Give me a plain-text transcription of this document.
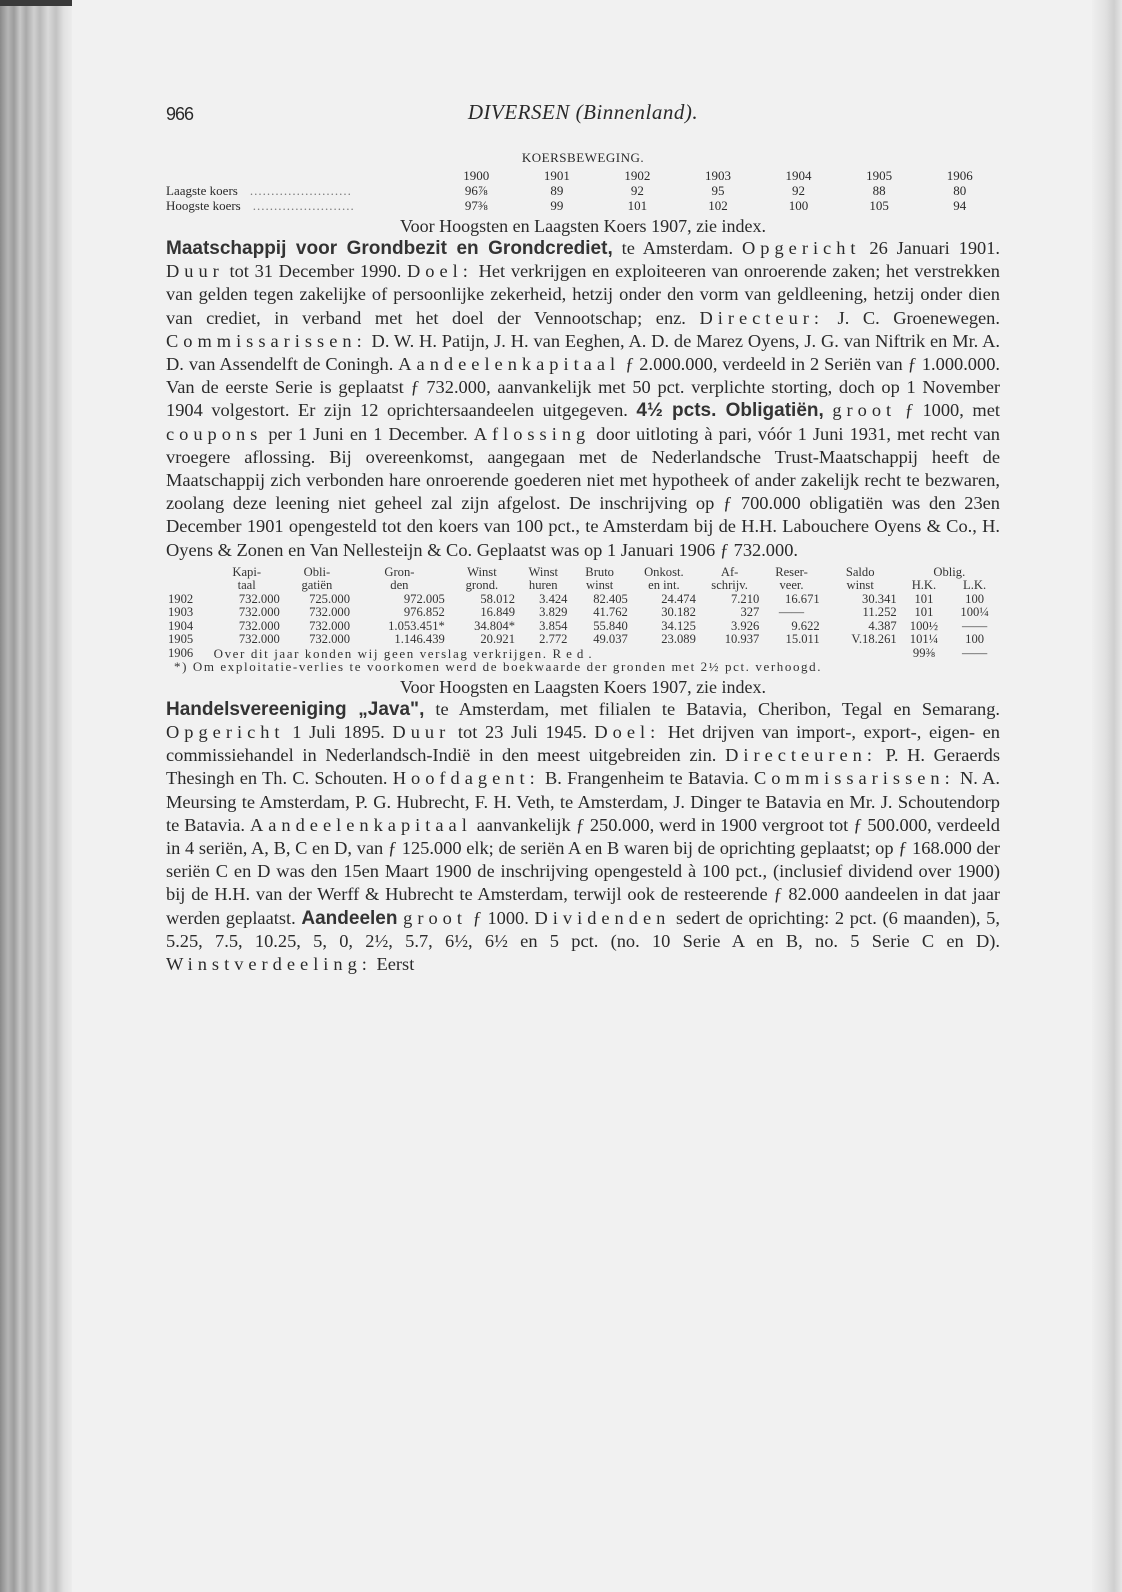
966	DIVERSEN (Binnenland).
KOERSBEWEGING.
	1900	1901	1902	1903	1904	1905	1906
Laagste koers ........................	96⅞	89	92	95	92	88	80
Hoogste koers ........................	97⅜	99	101	102	100	105	94
Voor Hoogsten en Laagsten Koers 1907, zie index.

Maatschappij voor Grondbezit en Grondcrediet, te Amsterdam. Opgericht 26 Januari 1901. Duur tot 31 December 1990. Doel: Het verkrijgen en exploiteeren van onroerende zaken; het verstrekken van gelden tegen zakelijke of persoonlijke zekerheid, hetzij onder den vorm van geldleening, hetzij onder dien van crediet, in verband met het doel der Vennootschap; enz. Directeur: J. C. Groenewegen. Commissarissen: D. W. H. Patijn, J. H. van Eeghen, A. D. de Marez Oyens, J. G. van Niftrik en Mr. A. D. van Assendelft de Coningh. Aandeelenkapitaal ƒ 2.000.000, verdeeld in 2 Seriën van ƒ 1.000.000. Van de eerste Serie is geplaatst ƒ 732.000, aanvankelijk met 50 pct. verplichte storting, doch op 1 November 1904 volgestort. Er zijn 12 oprichtersaandeelen uitgegeven. 4½ pcts. Obligatiën, groot ƒ 1000, met coupons per 1 Juni en 1 December. Aflossing door uitloting à pari, vóór 1 Juni 1931, met recht van vroegere aflossing. Bij overeenkomst, aangegaan met de Nederlandsche Trust-Maatschappij heeft de Maatschappij zich verbonden hare onroerende goederen niet met hypotheek of ander zakelijk recht te bezwaren, zoolang deze leening niet geheel zal zijn afgelost. De inschrijving op ƒ 700.000 obligatiën was den 23en December 1901 opengesteld tot den koers van 100 pct., te Amsterdam bij de H.H. Labouchere Oyens & Co., H. Oyens & Zonen en Van Nellesteijn & Co. Geplaatst was op 1 Januari 1906 ƒ 732.000.

	Kapi-	Obli-	Gron-	Winst	Winst	Bruto	Onkost.	Af-	Reser-	Saldo	Oblig.	
	taal	gatiën	den	grond.	huren	winst	en int.	schrijv.	veer.	winst	H.K.	L.K.
1902	732.000	725.000	972.005	58.012	3.424	82.405	24.474	7.210	16.671	30.341	101	100
1903	732.000	732.000	976.852	16.849	3.829	41.762	30.182	327	——	11.252	101	100¼
1904	732.000	732.000	1.053.451*	34.804*	3.854	55.840	34.125	3.926	9.622	4.387	100½	——
1905	732.000	732.000	1.146.439	20.921	2.772	49.037	23.089	10.937	15.011	V.18.261	101¼	100
1906	Over dit jaar konden wij geen verslag verkrijgen. Red.										99⅜	——
*) Om exploitatie-verlies te voorkomen werd de boekwaarde der gronden met 2½ pct. verhoogd.												
Voor Hoogsten en Laagsten Koers 1907, zie index.

Handelsvereeniging „Java", te Amsterdam, met filialen te Batavia, Cheribon, Tegal en Semarang. Opgericht 1 Juli 1895. Duur tot 23 Juli 1945. Doel: Het drijven van import-, export-, eigen- en commissiehandel in Nederlandsch-Indië in den meest uitgebreiden zin. Directeuren: P. H. Geraerds Thesingh en Th. C. Schouten. Hoofdagent: B. Frangenheim te Batavia. Commissarissen: N. A. Meursing te Amsterdam, P. G. Hubrecht, F. H. Veth, te Amsterdam, J. Dinger te Batavia en Mr. J. Schoutendorp te Batavia. Aandeelenkapitaal aanvankelijk ƒ 250.000, werd in 1900 vergroot tot ƒ 500.000, verdeeld in 4 seriën, A, B, C en D, van ƒ 125.000 elk; de seriën A en B waren bij de oprichting geplaatst; op ƒ 168.000 der seriën C en D was den 15en Maart 1900 de inschrijving opengesteld à 100 pct., (inclusief dividend over 1900) bij de H.H. van der Werff & Hubrecht te Amsterdam, terwijl ook de resteerende ƒ 82.000 aandeelen in dat jaar werden geplaatst. Aandeelen groot ƒ 1000. Dividenden sedert de oprichting: 2 pct. (6 maanden), 5, 5.25, 7.5, 10.25, 5, 0, 2½, 5.7, 6½, 6½ en 5 pct. (no. 10 Serie A en B, no. 5 Serie C en D). Winstverdeeling: Eerst
